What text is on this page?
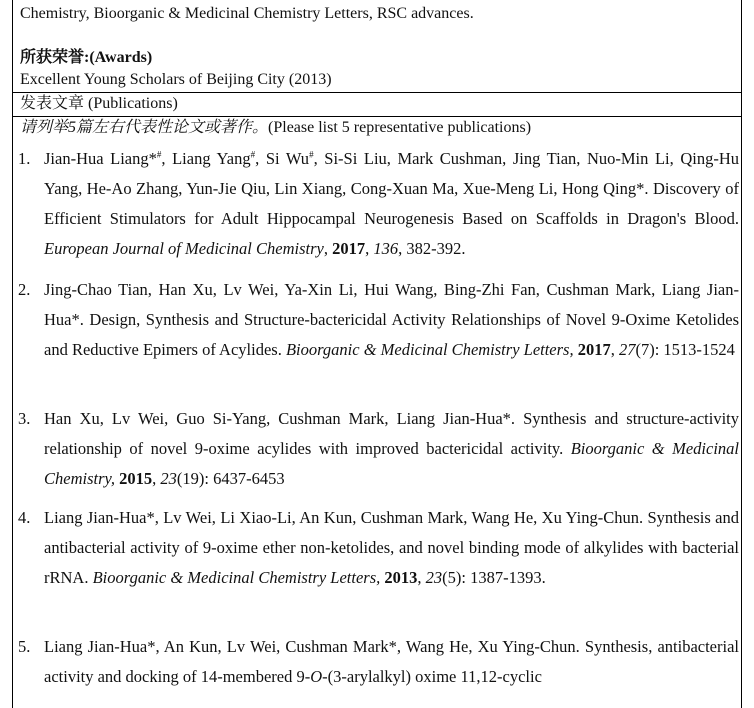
Chemistry, Bioorganic & Medicinal Chemistry Letters, RSC advances.
所获荣誉:(Awards)
Excellent Young Scholars of Beijing City (2013)
发表文章 (Publications)
请列举5篇左右代表性论文或著作。(Please list 5 representative publications)
1. Jian-Hua Liang*#, Liang Yang#, Si Wu#, Si-Si Liu, Mark Cushman, Jing Tian, Nuo-Min Li, Qing-Hu Yang, He-Ao Zhang, Yun-Jie Qiu, Lin Xiang, Cong-Xuan Ma, Xue-Meng Li, Hong Qing*. Discovery of Efficient Stimulators for Adult Hippocampal Neurogenesis Based on Scaffolds in Dragon's Blood. European Journal of Medicinal Chemistry, 2017, 136, 382-392.
2. Jing-Chao Tian, Han Xu, Lv Wei, Ya-Xin Li, Hui Wang, Bing-Zhi Fan, Cushman Mark, Liang Jian-Hua*. Design, Synthesis and Structure-bactericidal Activity Relationships of Novel 9-Oxime Ketolides and Reductive Epimers of Acylides. Bioorganic & Medicinal Chemistry Letters, 2017, 27(7): 1513-1524
3. Han Xu, Lv Wei, Guo Si-Yang, Cushman Mark, Liang Jian-Hua*. Synthesis and structure-activity relationship of novel 9-oxime acylides with improved bactericidal activity. Bioorganic & Medicinal Chemistry, 2015, 23(19): 6437-6453
4. Liang Jian-Hua*, Lv Wei, Li Xiao-Li, An Kun, Cushman Mark, Wang He, Xu Ying-Chun. Synthesis and antibacterial activity of 9-oxime ether non-ketolides, and novel binding mode of alkylides with bacterial rRNA. Bioorganic & Medicinal Chemistry Letters, 2013, 23(5): 1387-1393.
5. Liang Jian-Hua*, An Kun, Lv Wei, Cushman Mark*, Wang He, Xu Ying-Chun. Synthesis, antibacterial activity and docking of 14-membered 9-O-(3-arylalkyl) oxime 11,12-cyclic
